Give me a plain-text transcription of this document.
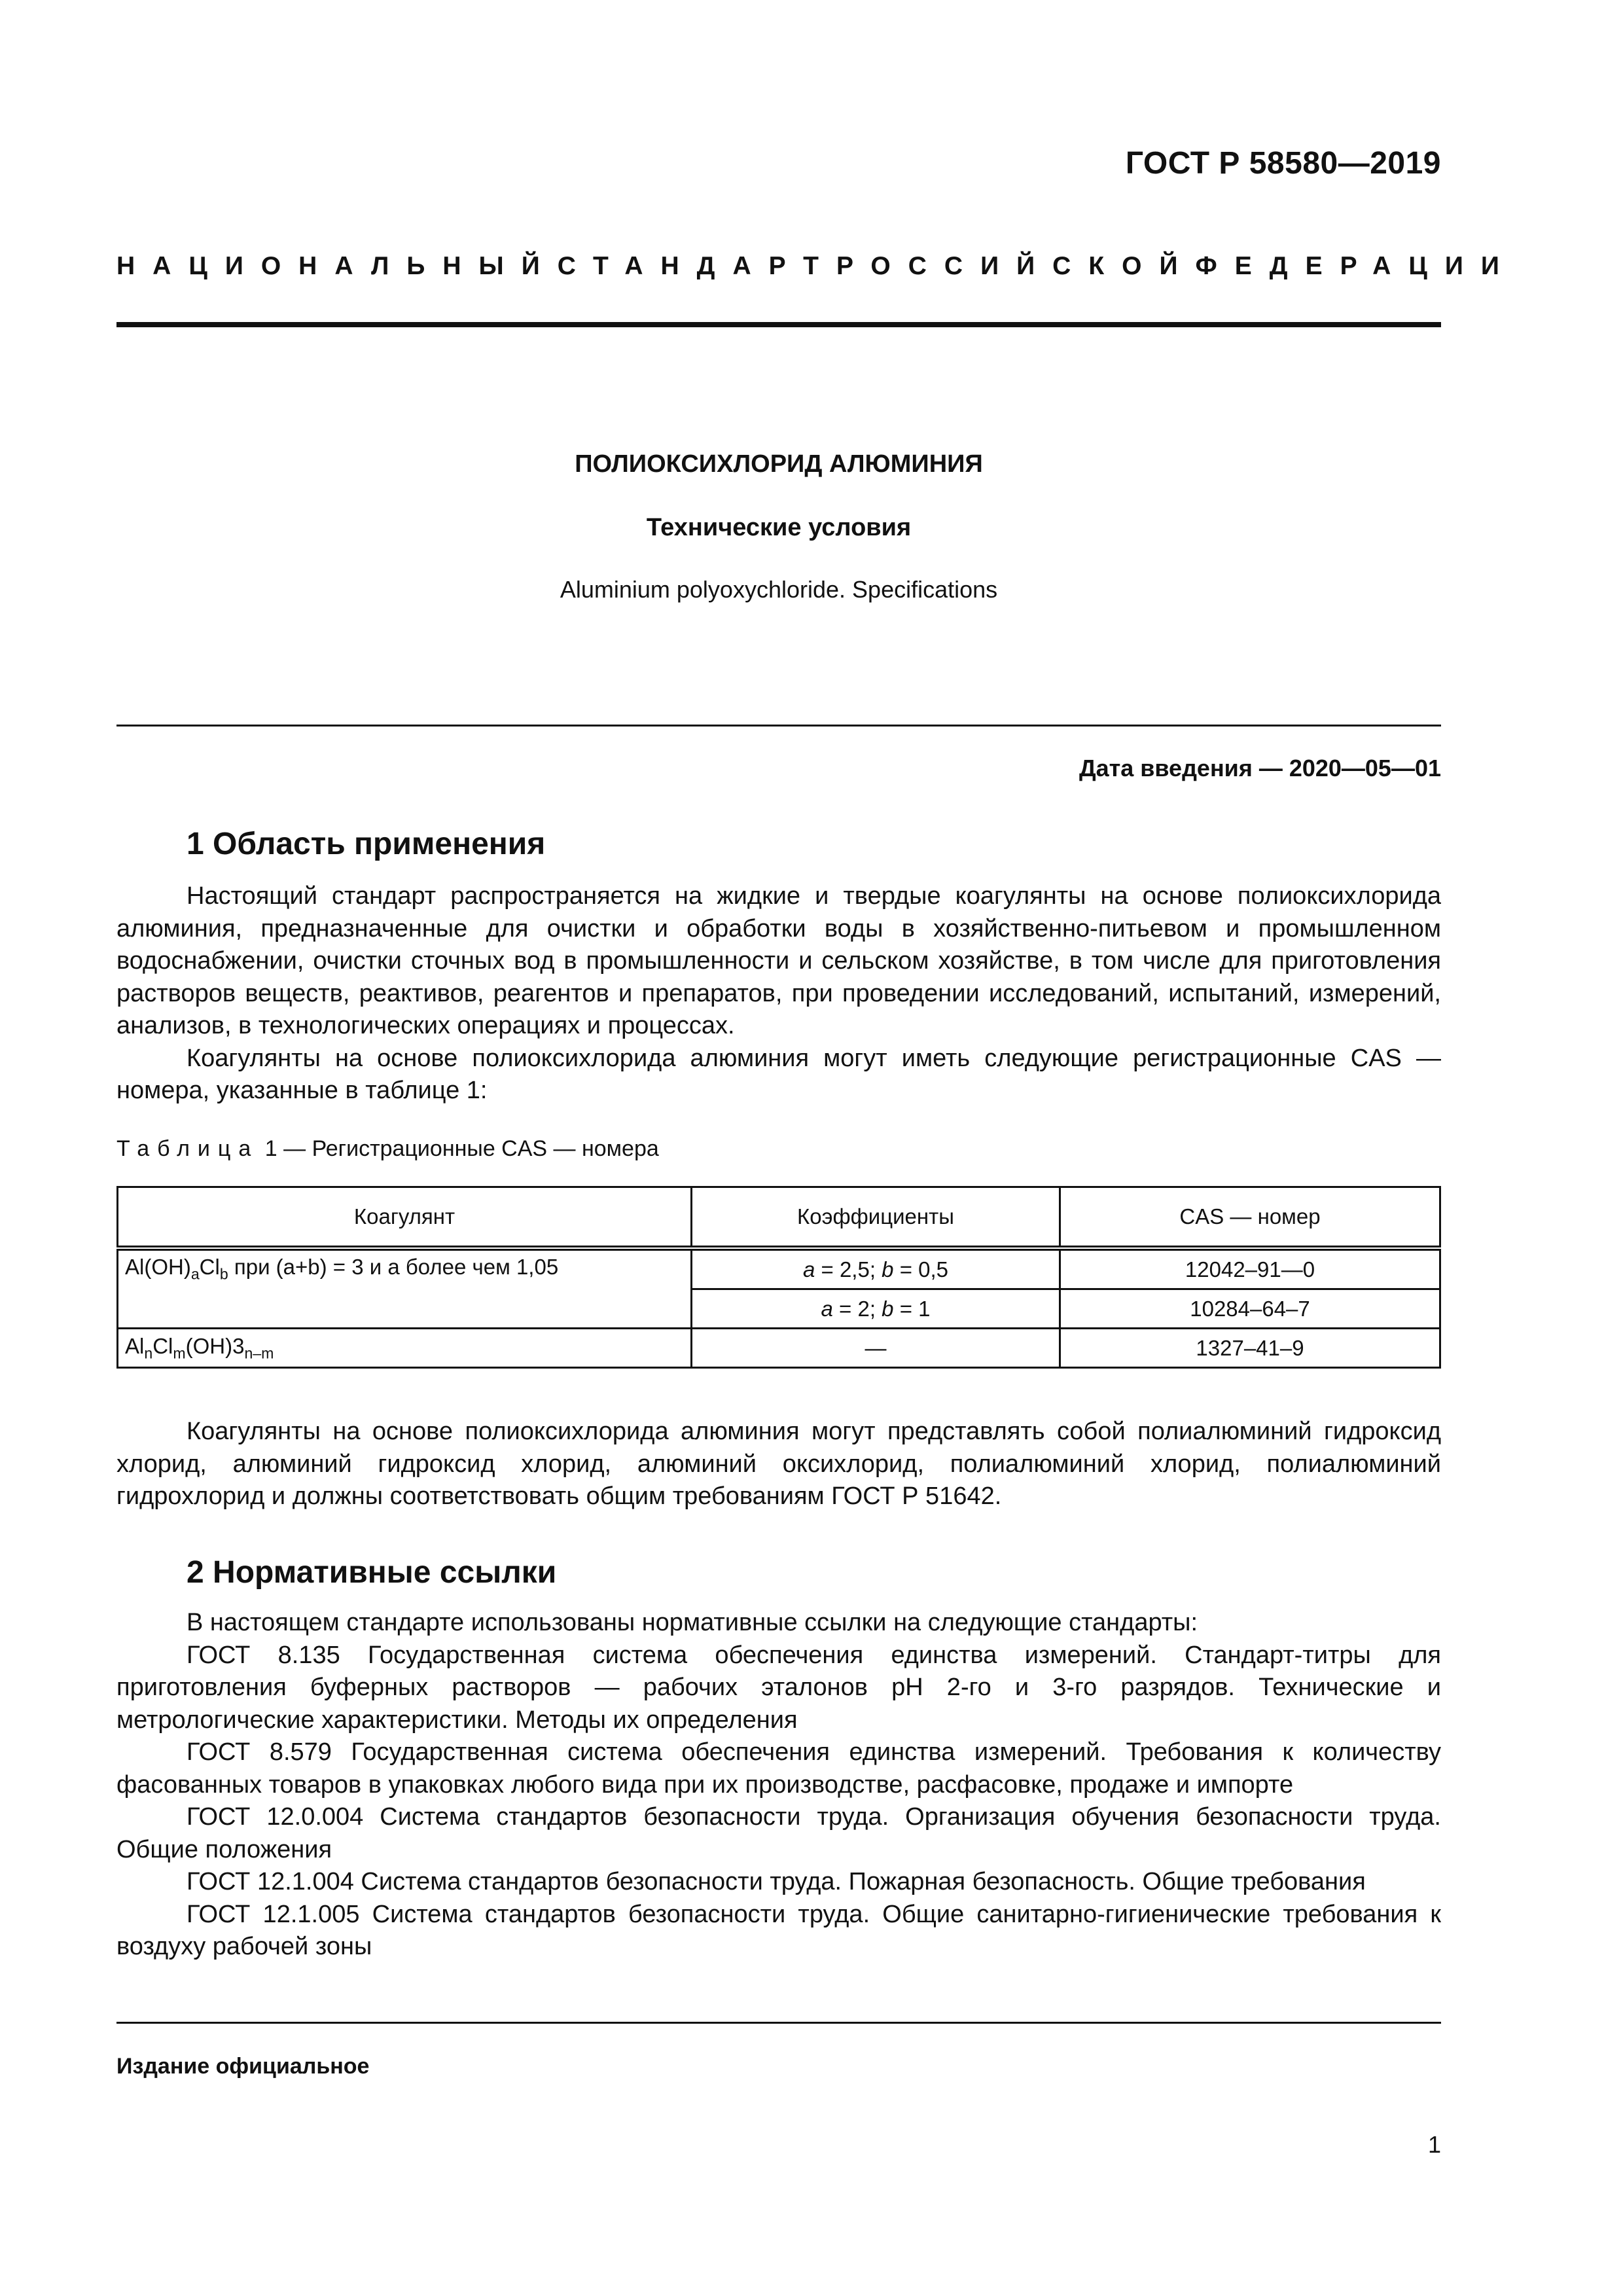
ГОСТ Р 58580—2019
НАЦИОНАЛЬНЫЙ СТАНДАРТ РОССИЙСКОЙ ФЕДЕРАЦИИ
ПОЛИОКСИХЛОРИД АЛЮМИНИЯ
Технические условия
Aluminium polyoxychloride. Specifications
Дата введения — 2020—05—01
1 Область применения

Настоящий стандарт распространяется на жидкие и твердые коагулянты на основе полиоксихлорида алюминия, предназначенные для очистки и обработки воды в хозяйственно-питьевом и промышленном водоснабжении, очистки сточных вод в промышленности и сельском хозяйстве, в том числе для приготовления растворов веществ, реактивов, реагентов и препаратов, при проведении исследований, испытаний, измерений, анализов, в технологических операциях и процессах.

Коагулянты на основе полиоксихлорида алюминия могут иметь следующие регистрационные CAS — номера, указанные в таблице 1:

Таблица 1 — Регистрационные CAS — номера
Коагулянт	Коэффициенты	CAS — номер
$Al(OH)_aCl_b$ при (a+b) = 3 и a более чем 1,05	a = 2,5; b = 0,5	12042–91—0
	a = 2; b = 1	10284–64–7
$Al_nCl_m(OH)3_{n-m}$	—	1327–41–9

Коагулянты на основе полиоксихлорида алюминия могут представлять собой полиалюминий гидроксид хлорид, алюминий гидроксид хлорид, алюминий оксихлорид, полиалюминий хлорид, полиалюминий гидрохлорид и должны соответствовать общим требованиям ГОСТ Р 51642.

2 Нормативные ссылки

В настоящем стандарте использованы нормативные ссылки на следующие стандарты:

ГОСТ 8.135 Государственная система обеспечения единства измерений. Стандарт-титры для приготовления буферных растворов — рабочих эталонов pH 2-го и 3-го разрядов. Технические и метрологические характеристики. Методы их определения

ГОСТ 8.579 Государственная система обеспечения единства измерений. Требования к количеству фасованных товаров в упаковках любого вида при их производстве, расфасовке, продаже и импорте

ГОСТ 12.0.004 Система стандартов безопасности труда. Организация обучения безопасности труда. Общие положения

ГОСТ 12.1.004 Система стандартов безопасности труда. Пожарная безопасность. Общие требования

ГОСТ 12.1.005 Система стандартов безопасности труда. Общие санитарно-гигиенические требования к воздуху рабочей зоны

Издание официальное
1
